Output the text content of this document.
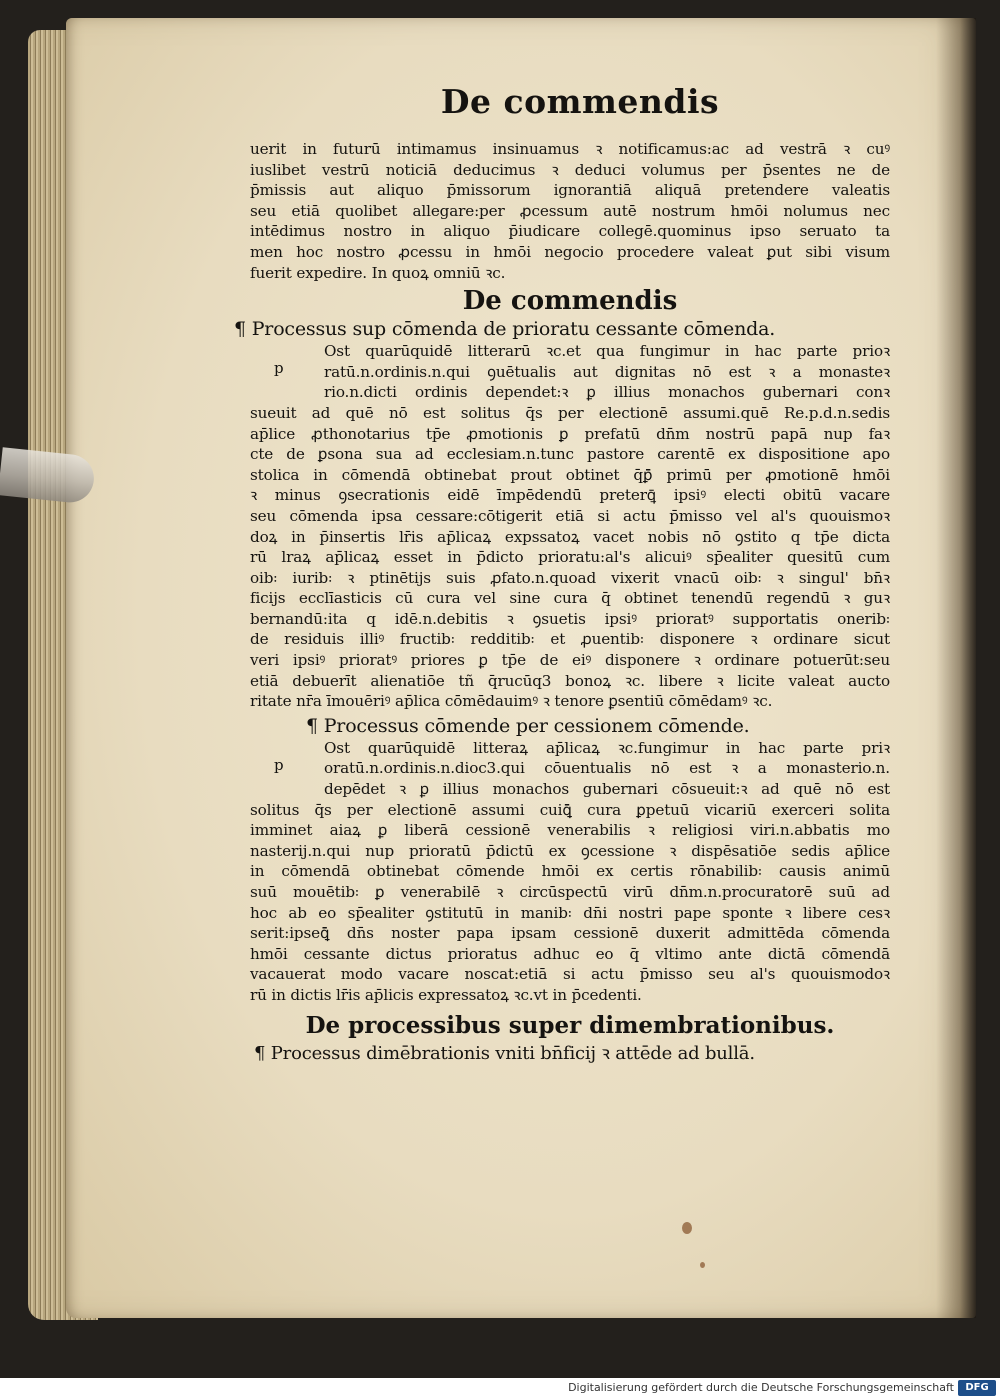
De commendis
uerit in futurū intimamus insinuamus ꝛ notificamus:ac ad vestrā ꝛ cuꝰ
iuslibet vestrū noticiā deducimus ꝛ deduci volumus per p̄sentes ne de
p̄missis aut aliquo p̄missorum ignorantiā aliquā pretendere valeatis
seu etiā quolibet allegare:per ꝓcessum autē nostrum hmōi nolumus nec
intēdimus nostro in aliquo p̄iudicare collegē.quominus ipso seruato ta
men hoc nostro ꝓcessu in hmōi negocio procedere valeat ꝑut sibi visum
fuerit expedire. In quoꝝ omniū ꝛc.
De commendis
¶ Processus sup cōmenda de prioratu cessante cōmenda.
p
Ost quarūquidē litterarū ꝛc.et qua fungimur in hac parte prioꝛ
ratū.n.ordinis.n.qui ꝯuētualis aut dignitas nō est ꝛ a monasteꝛ
rio.n.dicti ordinis dependet:ꝛ ꝑ illius monachos gubernari conꝛ
sueuit ad quē nō est solitus q̄s per electionē assumi.quē Re.p.d.n.sedis
ap̄lice ꝓthonotarius tp̄e ꝓmotionis ꝑ prefatū dn̄m nostrū papā nup faꝛ
cte de ꝑsona sua ad ecclesiam.n.tunc pastore carentē ex dispositione apo
stolica in cōmendā obtinebat prout obtinet q̄ꝑ̄ primū per ꝓmotionē hmōi
ꝛ minus ꝯsecrationis eidē īmpēdendū preterꝗ̄ ipsiꝰ electi obitū vacare
seu cōmenda ipsa cessare:cōtigerit etiā si actu p̄misso vel al's quouismoꝛ
doꝝ in p̄insertis lr̄is ap̄licaꝝ expssatoꝝ vacet nobis nō ꝯstito q tp̄e dicta
rū lraꝝ ap̄licaꝝ esset in p̄dicto prioratu:al's alicuiꝰ sp̄ealiter quesitū cum
oib꞉ iurib꞉ ꝛ ptinētijs suis ꝓfato.n.quoad vixerit vnacū oib꞉ ꝛ singul' bn̄ꝛ
ficijs ecclīasticis cū cura vel sine cura q̄ obtinet tenendū regendū ꝛ guꝛ
bernandū:ita q idē.n.debitis ꝛ ꝯsuetis ipsiꝰ prioratꝰ supportatis onerib꞉
de residuis illiꝰ fructib꞉ redditib꞉ et ꝓuentib꞉ disponere ꝛ ordinare sicut
veri ipsiꝰ prioratꝰ priores ꝑ tp̄e de eiꝰ disponere ꝛ ordinare potuerūt:seu
etiā debuerīt alienatiōe tñ q̄rucūq3 bonoꝝ ꝛc. libere ꝛ licite valeat aucto
ritate nr̄a īmouēriꝰ ap̄lica cōmēdauimꝰ ꝛ tenore ꝑsentiū cōmēdamꝰ ꝛc.
¶ Processus cōmende per cessionem cōmende.
p
Ost quarūquidē litteraꝝ ap̄licaꝝ ꝛc.fungimur in hac parte priꝛ
oratū.n.ordinis.n.dioc3.qui cōuentualis nō est ꝛ a monasterio.n.
depēdet ꝛ ꝑ illius monachos gubernari cōsueuit:ꝛ ad quē nō est
solitus q̄s per electionē assumi cuiꝗ̄ cura ꝑpetuū vicariū exerceri solita
imminet aiaꝝ ꝑ liberā cessionē venerabilis ꝛ religiosi viri.n.abbatis mo
nasterij.n.qui nup prioratū p̄dictū ex ꝯcessione ꝛ dispēsatiōe sedis ap̄lice
in cōmendā obtinebat cōmende hmōi ex certis rōnabilib꞉ causis animū
suū mouētib꞉ ꝑ venerabilē ꝛ circūspectū virū dn̄m.n.procuratorē suū ad
hoc ab eo sp̄ealiter ꝯstitutū in manib꞉ dn̄i nostri pape sponte ꝛ libere cesꝛ
serit:ipseꝗ̄ dn̄s noster papa ipsam cessionē duxerit admittēda cōmenda
hmōi cessante dictus prioratus adhuc eo q̄ vltimo ante dictā cōmendā
vacauerat modo vacare noscat:etiā si actu p̄misso seu al's quouismodoꝛ
rū in dictis lr̄is ap̄licis expressatoꝝ ꝛc.vt in p̄cedenti.
De processibus super dimembrationibus.
¶ Processus dimēbrationis vniti bn̄ficij ꝛ attēde ad bullā.
Digitalisierung gefördert durch die Deutsche Forschungsgemeinschaft	DFG
